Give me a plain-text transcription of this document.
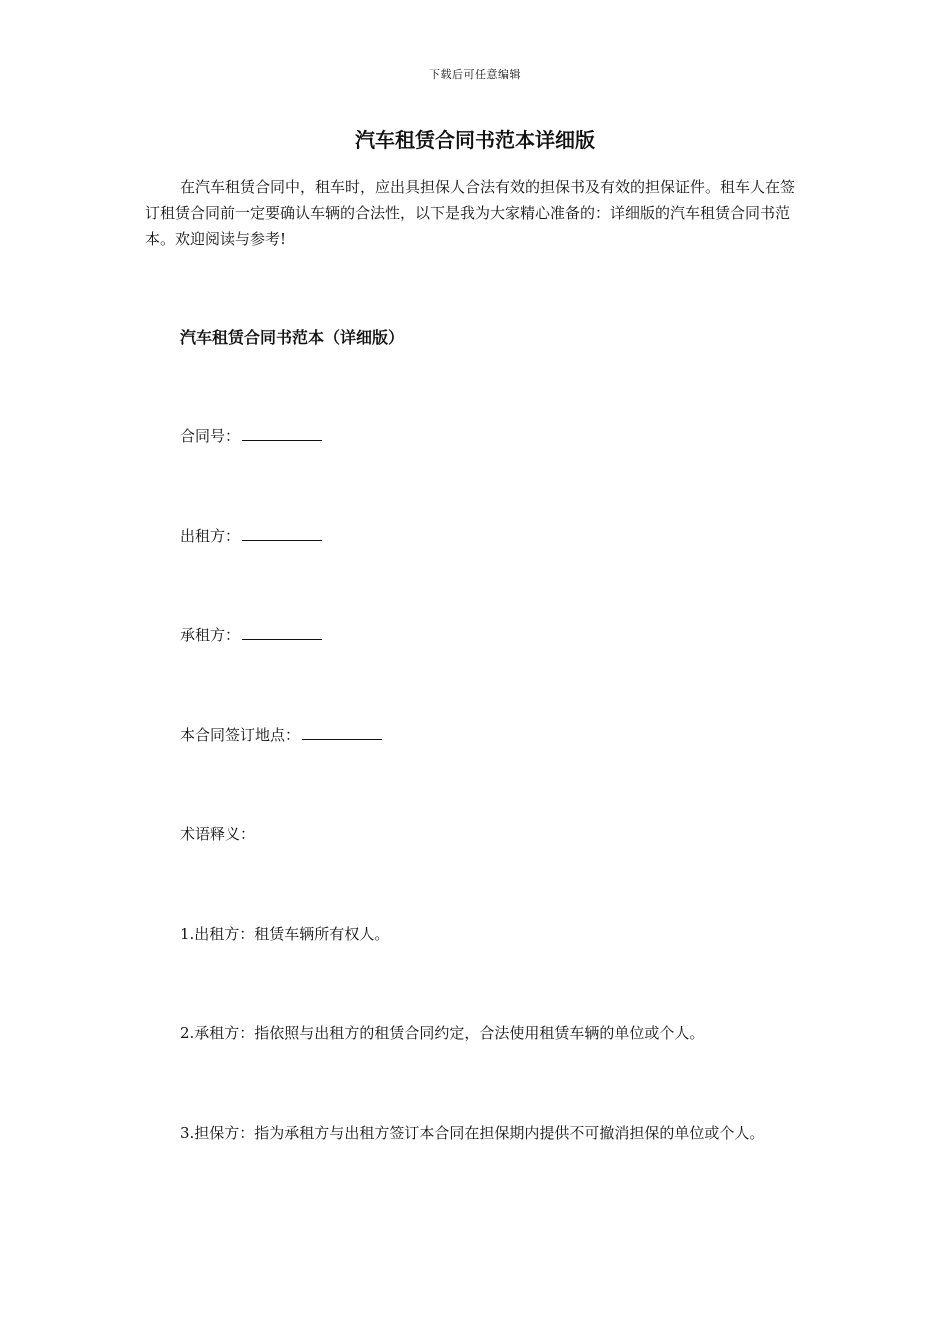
下载后可任意编辑
汽车租赁合同书范本详细版

在汽车租赁合同中，租车时，应出具担保人合法有效的担保书及有效的担保证件。租车人在签订租赁合同前一定要确认车辆的合法性，以下是我为大家精心准备的：详细版的汽车租赁合同书范本。欢迎阅读与参考!

汽车租赁合同书范本（详细版）
合同号：
出租方：
承租方：
本合同签订地点：
术语释义：
1.出租方：租赁车辆所有权人。
2.承租方：指依照与出租方的租赁合同约定，合法使用租赁车辆的单位或个人。

3.担保方：指为承租方与出租方签订本合同在担保期内提供不可撤消担保的单位或个人。
